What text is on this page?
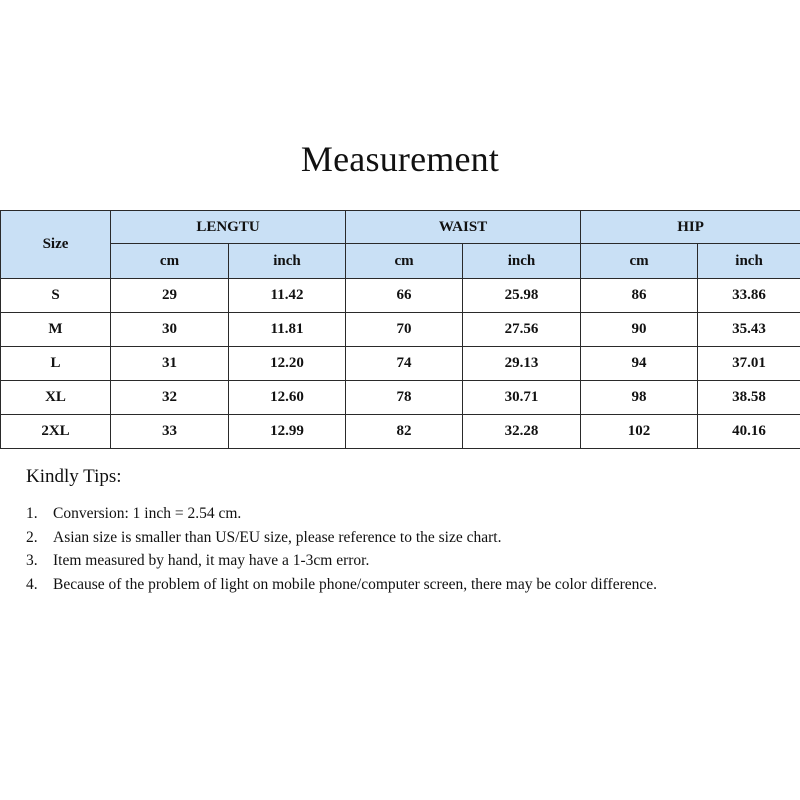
Measurement
Size	LENGTU		WAIST		HIP	
	cm	inch	cm	inch	cm	inch
S	29	11.42	66	25.98	86	33.86
M	30	11.81	70	27.56	90	35.43
L	31	12.20	74	29.13	94	37.01
XL	32	12.60	78	30.71	98	38.58
2XL	33	12.99	82	32.28	102	40.16
Kindly Tips:
1. Conversion: 1 inch = 2.54 cm.
2. Asian size is smaller than US/EU size, please reference to the size chart.
3. Item measured by hand, it may have a 1-3cm error.
4. Because of the problem of light on mobile phone/computer screen, there may be color difference.
